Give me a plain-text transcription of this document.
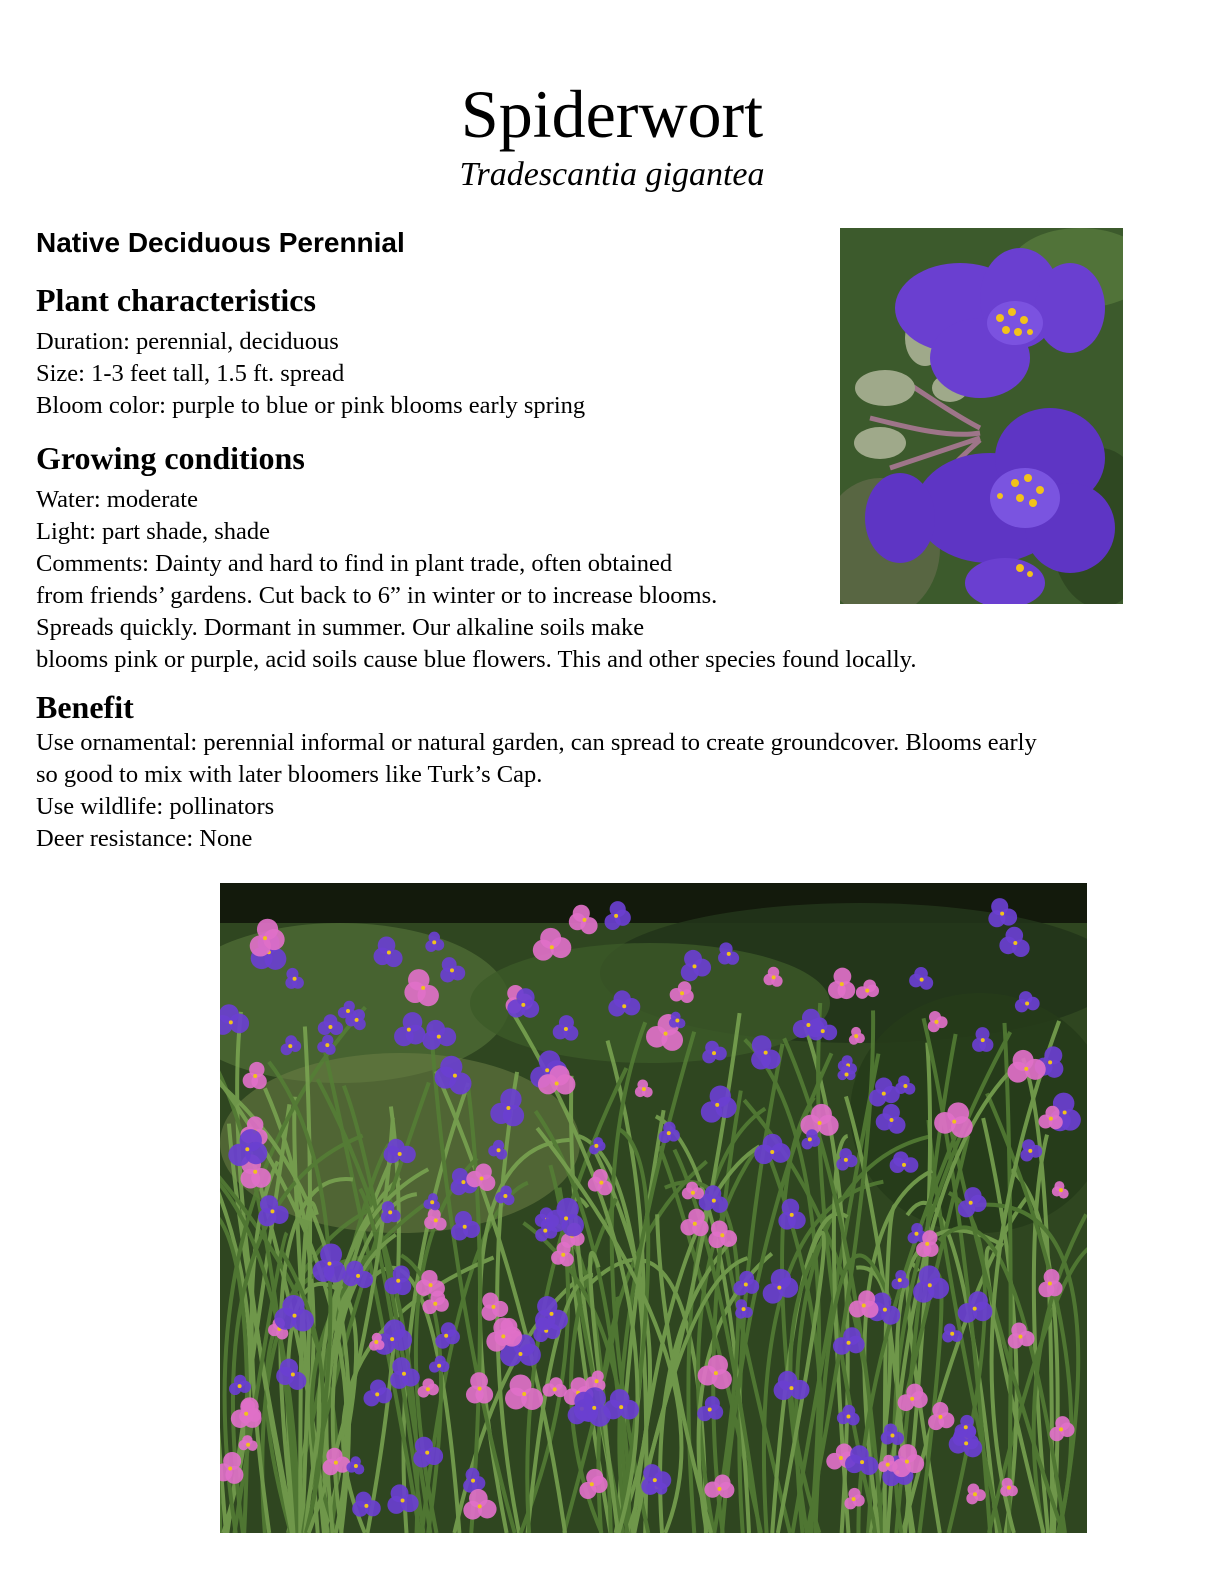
Spiderwort
Tradescantia gigantea
Native Deciduous Perennial
Plant characteristics
Duration: perennial, deciduous
Size: 1-3 feet tall, 1.5 ft. spread
Bloom color: purple to blue or pink blooms early spring
Growing conditions
Water: moderate
Light: part shade, shade
Comments: Dainty and hard to find in plant trade, often obtained
from friends’ gardens. Cut back to 6” in winter or to increase blooms.
Spreads quickly. Dormant in summer. Our alkaline soils make
blooms pink or purple, acid soils cause blue flowers. This and other species found locally.
Benefit
Use ornamental: perennial informal or natural garden, can spread to create groundcover. Blooms early
so good to mix with later bloomers like Turk’s Cap.
Use wildlife: pollinators
Deer resistance: None
